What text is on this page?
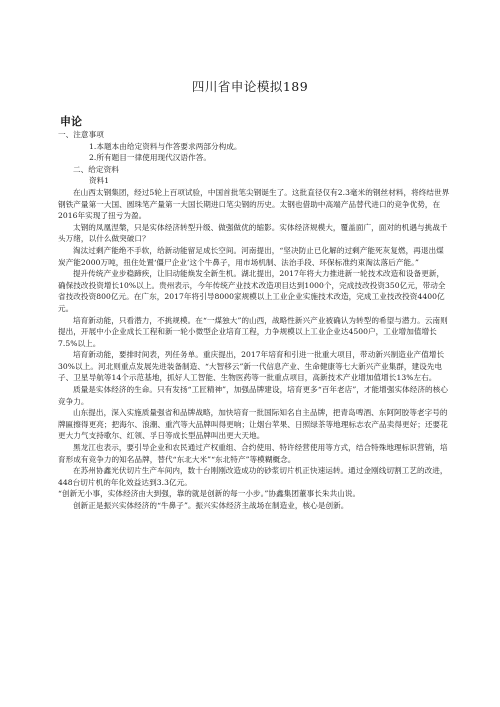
四川省申论模拟189
申论

一、注意事项

1.本题本由给定资料与作答要求两部分构成。

2.所有题目一律使用现代汉语作答。

二、给定资料

资料1

在山西太钢集团，经过5轮上百项试验，中国首批笔尖钢诞生了。这批直径仅有2.3毫米的钢丝材料，将终结世界钢铁产量第一大国、圆珠笔产量第一大国长期进口笔尖钢的历史。太钢也借助中高端产品替代进口的竞争优势，在2016年实现了扭亏为盈。

太钢的凤凰涅槃，只是实体经济转型升级、做强做优的缩影。实体经济规模大，覆盖面广，面对的机遇与挑战千头万绪，以什么做突破口？

淘汰过剩产能绝不手软，给新动能留足成长空间。河南提出，“坚决防止已化解的过剩产能死灰复燃，再退出煤炭产能2000万吨，扭住处置‘僵尸企业’这个牛鼻子，用市场机制、法治手段、环保标准约束淘汰落后产能。”

提升传统产业步稳蹄疾，让旧动能焕发全新生机。湖北提出，2017年将大力推进新一轮技术改造和设备更新，确保技改投资增长10%以上。贵州表示，今年传统产业技术改造项目达到1000个，完成技改投资350亿元，带动全省技改投资800亿元。在广东，2017年将引导8000家规模以上工业企业实施技术改造，完成工业技改投资4400亿元。

培育新动能，只看潜力，不挑规模。在“一煤独大”的山西，战略性新兴产业被确认为转型的希望与潜力。云南则提出，开展中小企业成长工程和新一轮小微型企业培育工程，力争规模以上工业企业达4500户，工业增加值增长7.5%以上。

培育新动能，要排时间表，列任务单。重庆提出，2017年培育和引进一批重大项目，带动新兴制造业产值增长30%以上。河北则重点发展先进装备制造、“大智移云”新一代信息产业、生命健康等七大新兴产业集群，建设先电子、卫星导航等14个示范基地，抓好人工智能、生物医药等一批重点项目，高新技术产业增加值增长13%左右。

质量是实体经济的生命。只有发扬“工匠精神”，加强品牌建设，培育更多“百年老店”，才能增强实体经济的核心竞争力。

山东提出，深入实施质量强省和品牌战略，加快培育一批国际知名自主品牌，把青岛啤酒、东阿阿胶等老字号的牌匾擦得更亮；把海尔、浪潮、重汽等大品牌叫得更响；让烟台苹果、日照绿茶等地理标志农产品卖得更好；还要花更大力气支持歌尔、红领、孚日等成长型品牌叫出更大天地。

黑龙江也表示，要引导企业和农民通过产权重组、合约使用、特许经营使用等方式，结合特殊地理标识营销，培育形成有竞争力的知名品牌，替代“东北大米”“东北特产”等模糊概念。

在苏州协鑫光伏切片生产车间内，数十台刚刚改造成功的砂浆切片机正快速运转。通过金刚线切割工艺的改进，448台切片机的年化效益达到3.3亿元。

“创新无小事，实体经济由大到强，靠的就是创新的每一小步。”协鑫集团董事长朱共山说。

创新正是振兴实体经济的“牛鼻子”。振兴实体经济主战场在制造业，核心是创新。
